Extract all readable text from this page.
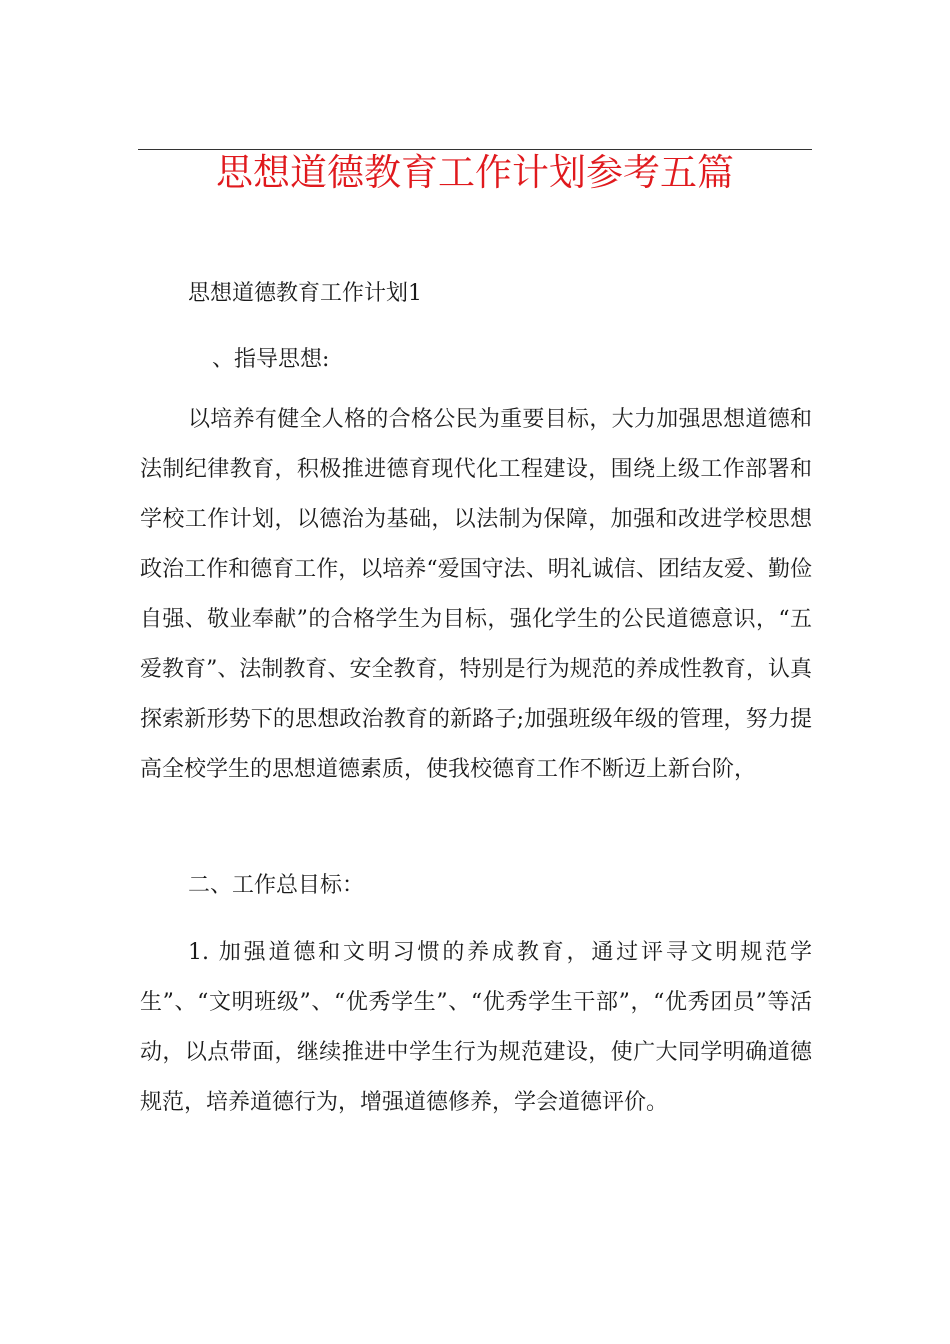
思想道德教育工作计划参考五篇

思想道德教育工作计划1

、指导思想:

以培养有健全人格的合格公民为重要目标，大力加强思想道德和法制纪律教育，积极推进德育现代化工程建设，围绕上级工作部署和学校工作计划，以德治为基础，以法制为保障，加强和改进学校思想政治工作和德育工作，以培养“爱国守法、明礼诚信、团结友爱、勤俭自强、敬业奉献”的合格学生为目标，强化学生的公民道德意识，“五爱教育”、法制教育、安全教育，特别是行为规范的养成性教育，认真探索新形势下的思想政治教育的新路子;加强班级年级的管理，努力提高全校学生的思想道德素质，使我校德育工作不断迈上新台阶，

二、工作总目标：

1. 加强道德和文明习惯的养成教育，通过评寻文明规范学生”、“文明班级”、“优秀学生”、“优秀学生干部”，“优秀团员”等活动，以点带面，继续推进中学生行为规范建设，使广大同学明确道德规范，培养道德行为，增强道德修养，学会道德评价。
